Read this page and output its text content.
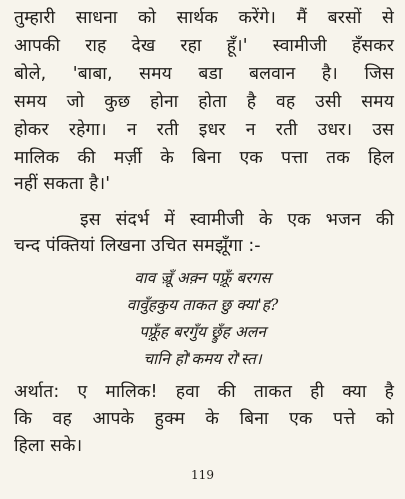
तुम्हारी साधना को सार्थक करेंगे। मैं बरसों से
आपकी राह देख रहा हूँ।' स्वामीजी हँसकर
बोले, 'बाबा, समय बडा बलवान है। जिस
समय जो कुछ होना होता है वह उसी समय
होकर रहेगा। न रती इधर न रती उधर। उस
मालिक की मर्ज़ी के बिना एक पत्ता तक हिल
नहीं सकता है।'
इस संदर्भ में स्वामीजी के एक भजन की
चन्द पंक्तियां लिखना उचित समझूँगा :-
वाव ज़्रूँ अक़्न पफ़्रूँ बरगस
वावुँहकुय ताकत छु क्या'ह?
पफ़्रूँह बरगुँय छ्रुँह अलन
चानि हो'कमय रो'स्त।
अर्थात: ए मालिक! हवा की ताकत ही क्या है
कि वह आपके हुक्म के बिना एक पत्ते को
हिला सके।
119
